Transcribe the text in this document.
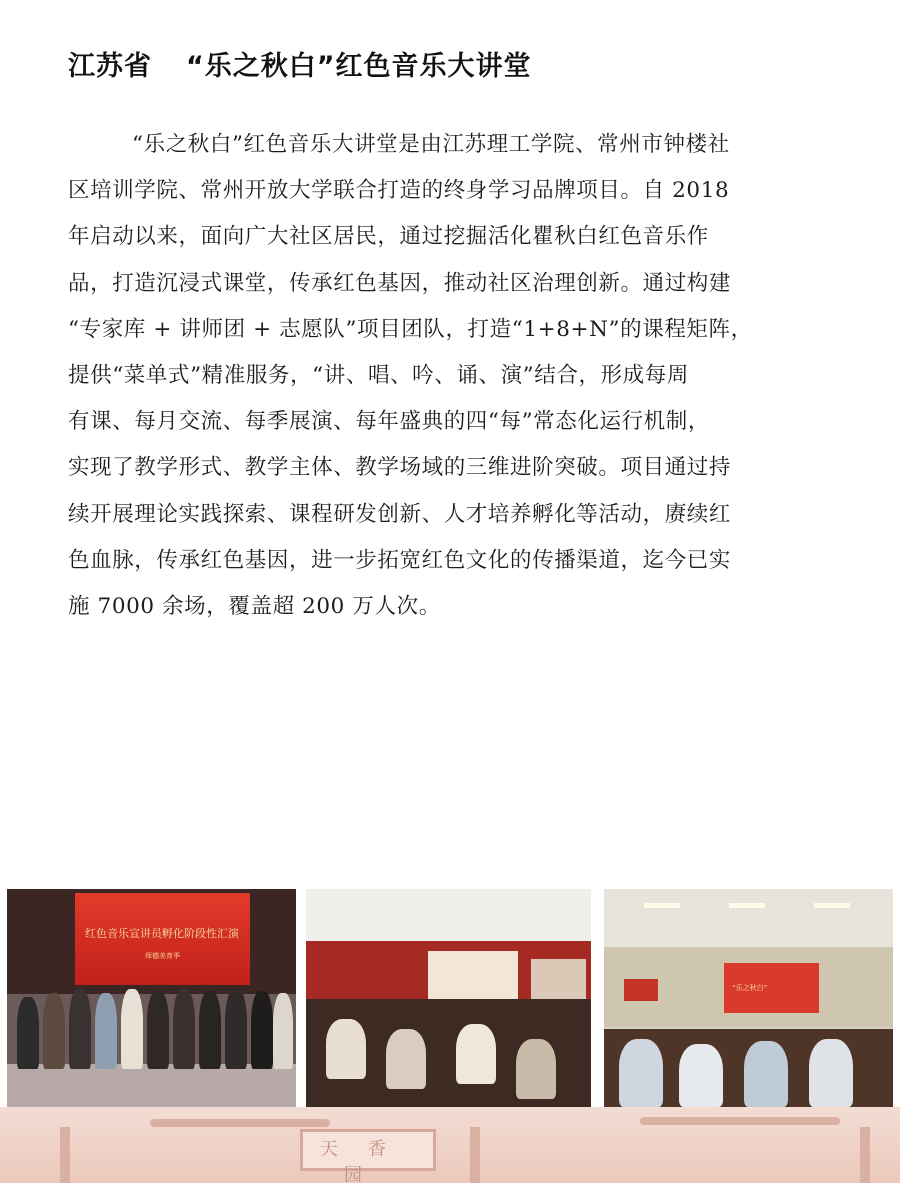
江苏省 “乐之秋白”红色音乐大讲堂
“乐之秋白”红色音乐大讲堂是由江苏理工学院、常州市钟楼社
区培训学院、常州开放大学联合打造的终身学习品牌项目。自 2018
年启动以来，面向广大社区居民，通过挖掘活化瞿秋白红色音乐作
品，打造沉浸式课堂，传承红色基因，推动社区治理创新。通过构建
“专家库 + 讲师团 + 志愿队”项目团队，打造“1+8+N”的课程矩阵，
提供“菜单式”精准服务，“讲、唱、吟、诵、演”结合，形成每周
有课、每月交流、每季展演、每年盛典的四“每”常态化运行机制，
实现了教学形式、教学主体、教学场域的三维进阶突破。项目通过持
续开展理论实践探索、课程研发创新、人才培养孵化等活动，赓续红
色血脉，传承红色基因，进一步拓宽红色文化的传播渠道，迄今已实
施 7000 余场，覆盖超 200 万人次。
红色音乐宣讲员孵化阶段性汇演
师德美育季
“乐之秋白”
天香园
